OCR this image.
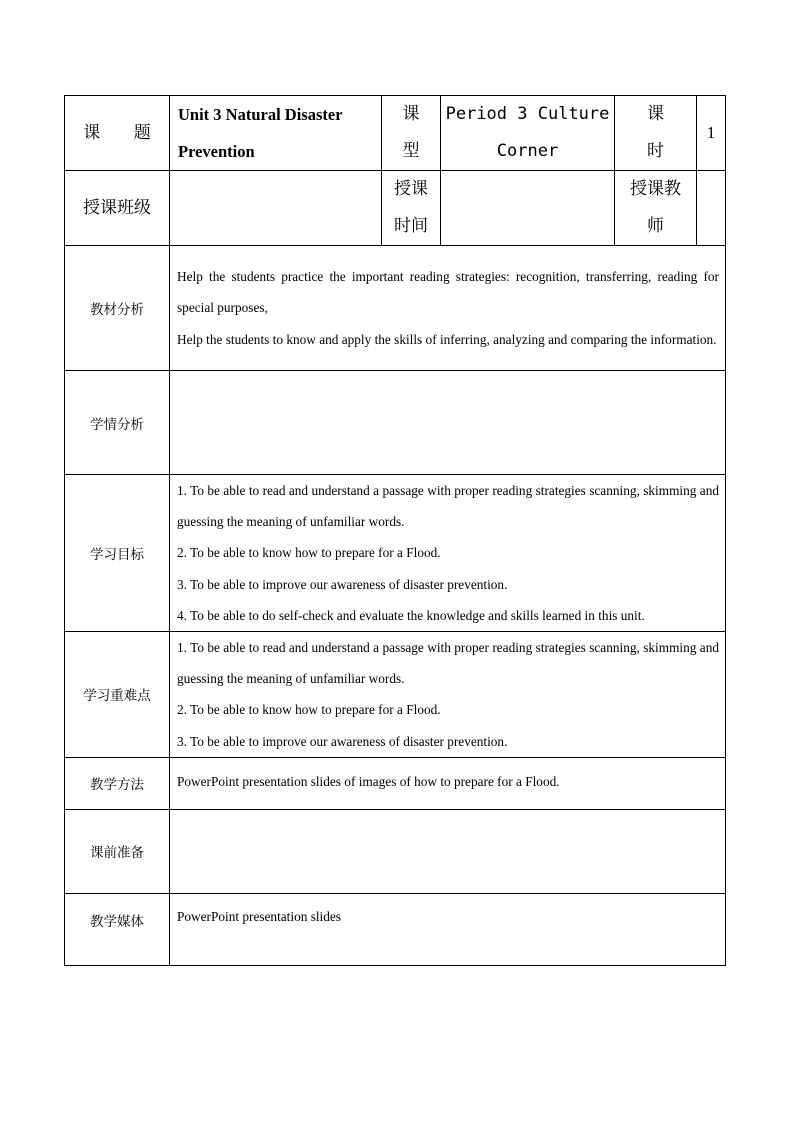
课 题	Unit 3 Natural Disaster Prevention	课型	Period 3 Culture Corner	课 时	1
授课班级		授课时间		授课教师	
教材分析	Help the students practice the important reading strategies: recognition, transferring, reading for special purposes,

Help the students to know and apply the skills of inferring, analyzing and comparing the information.				

学情分析					
学习目标	1. To be able to read and understand a passage with proper reading strategies scanning, skimming and guessing the meaning of unfamiliar words.

2. To be able to know how to prepare for a Flood.

3. To be able to improve our awareness of disaster prevention.

4. To be able to do self-check and evaluate the knowledge and skills learned in this unit.				

学习重难点	1. To be able to read and understand a passage with proper reading strategies scanning, skimming and guessing the meaning of unfamiliar words.

2. To be able to know how to prepare for a Flood.

3. To be able to improve our awareness of disaster prevention.				

教学方法	PowerPoint presentation slides of images of how to prepare for a Flood.				

课前准备					
教学媒体	PowerPoint presentation slides				
